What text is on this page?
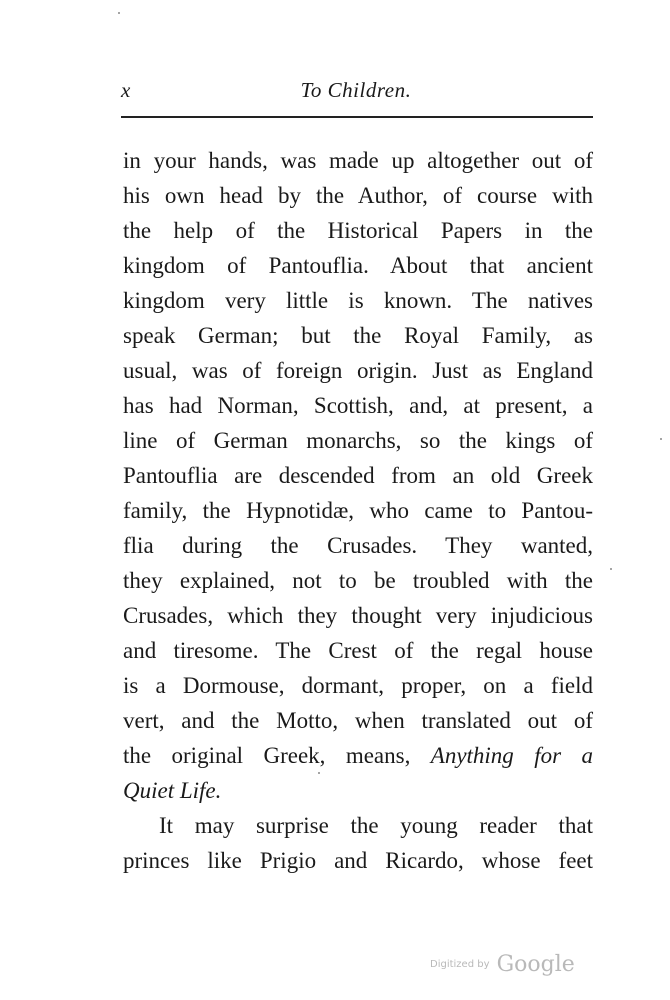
x	To Children.
in your hands, was made up altogether out of
his own head by the Author, of course with
the help of the Historical Papers in the
kingdom of Pantouflia. About that ancient
kingdom very little is known. The natives
speak German; but the Royal Family, as
usual, was of foreign origin. Just as England
has had Norman, Scottish, and, at present, a
line of German monarchs, so the kings of
Pantouflia are descended from an old Greek
family, the Hypnotidæ, who came to Pantou-
flia during the Crusades. They wanted,
they explained, not to be troubled with the
Crusades, which they thought very injudicious
and tiresome. The Crest of the regal house
is a Dormouse, dormant, proper, on a field
vert, and the Motto, when translated out of
the original Greek, means, Anything for a
Quiet Life.
It may surprise the young reader that
princes like Prigio and Ricardo, whose feet
Digitized by Google
